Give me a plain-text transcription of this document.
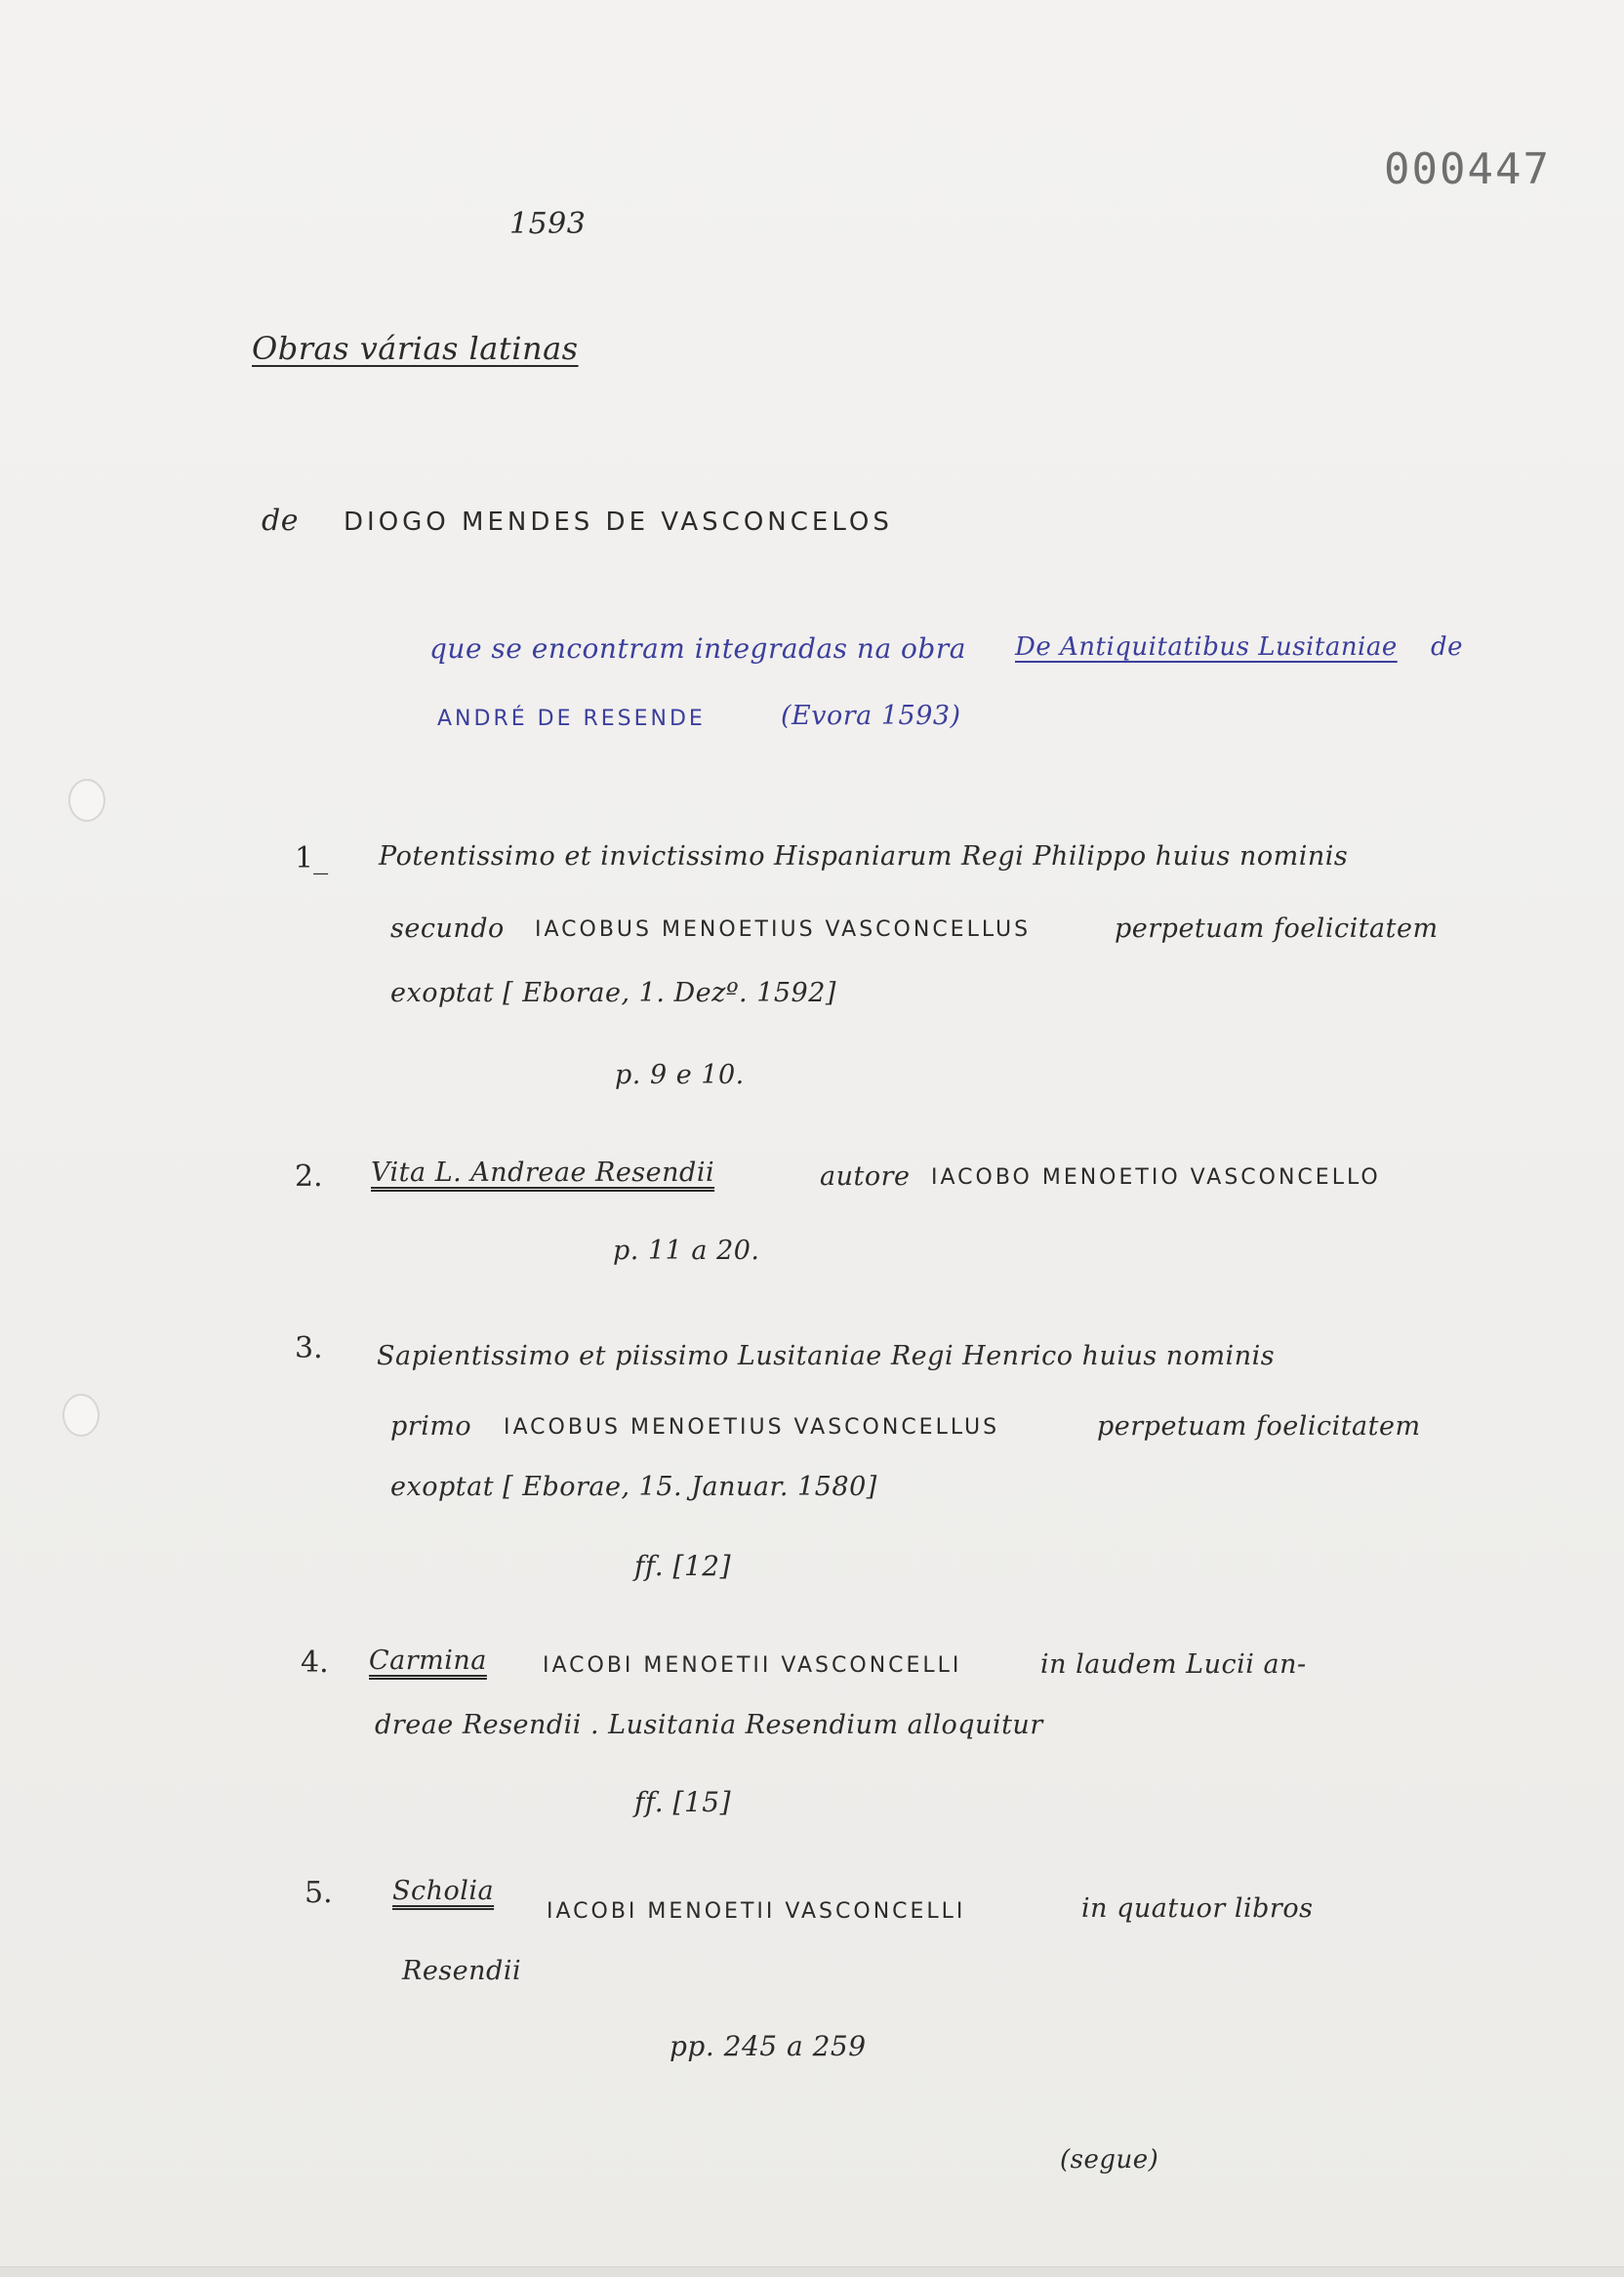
000447
1593
Obras várias latinas
de DIOGO MENDES DE VASCONCELOS
que se encontram integradas na obra De Antiquitatibus Lusitaniae de
ANDRÉ DE RESENDE	(Evora 1593)
1_ Potentissimo et invictissimo Hispaniarum Regi Philippo huius nominis
secundo IACOBUS MENOETIUS VASCONCELLUS	perpetuam foelicitatem
exoptat [ Eborae, 1. Dezº. 1592]
p. 9 e 10.
2. Vita L. Andreae Resendii	autore IACOBO MENOETIO VASCONCELLO
p. 11 a 20.
3. Sapientissimo et piissimo Lusitaniae Regi Henrico huius nominis
primo IACOBUS MENOETIUS VASCONCELLUS	perpetuam foelicitatem
exoptat [ Eborae, 15. Januar. 1580]
ff. [12]
4. Carmina	IACOBI MENOETII VASCONCELLI	in laudem Lucii an-
dreae Resendii . Lusitania Resendium alloquitur
ff. [15]
5. Scholia
IACOBI MENOETII VASCONCELLI	in quatuor libros
Resendii
pp. 245 a 259
(segue)
